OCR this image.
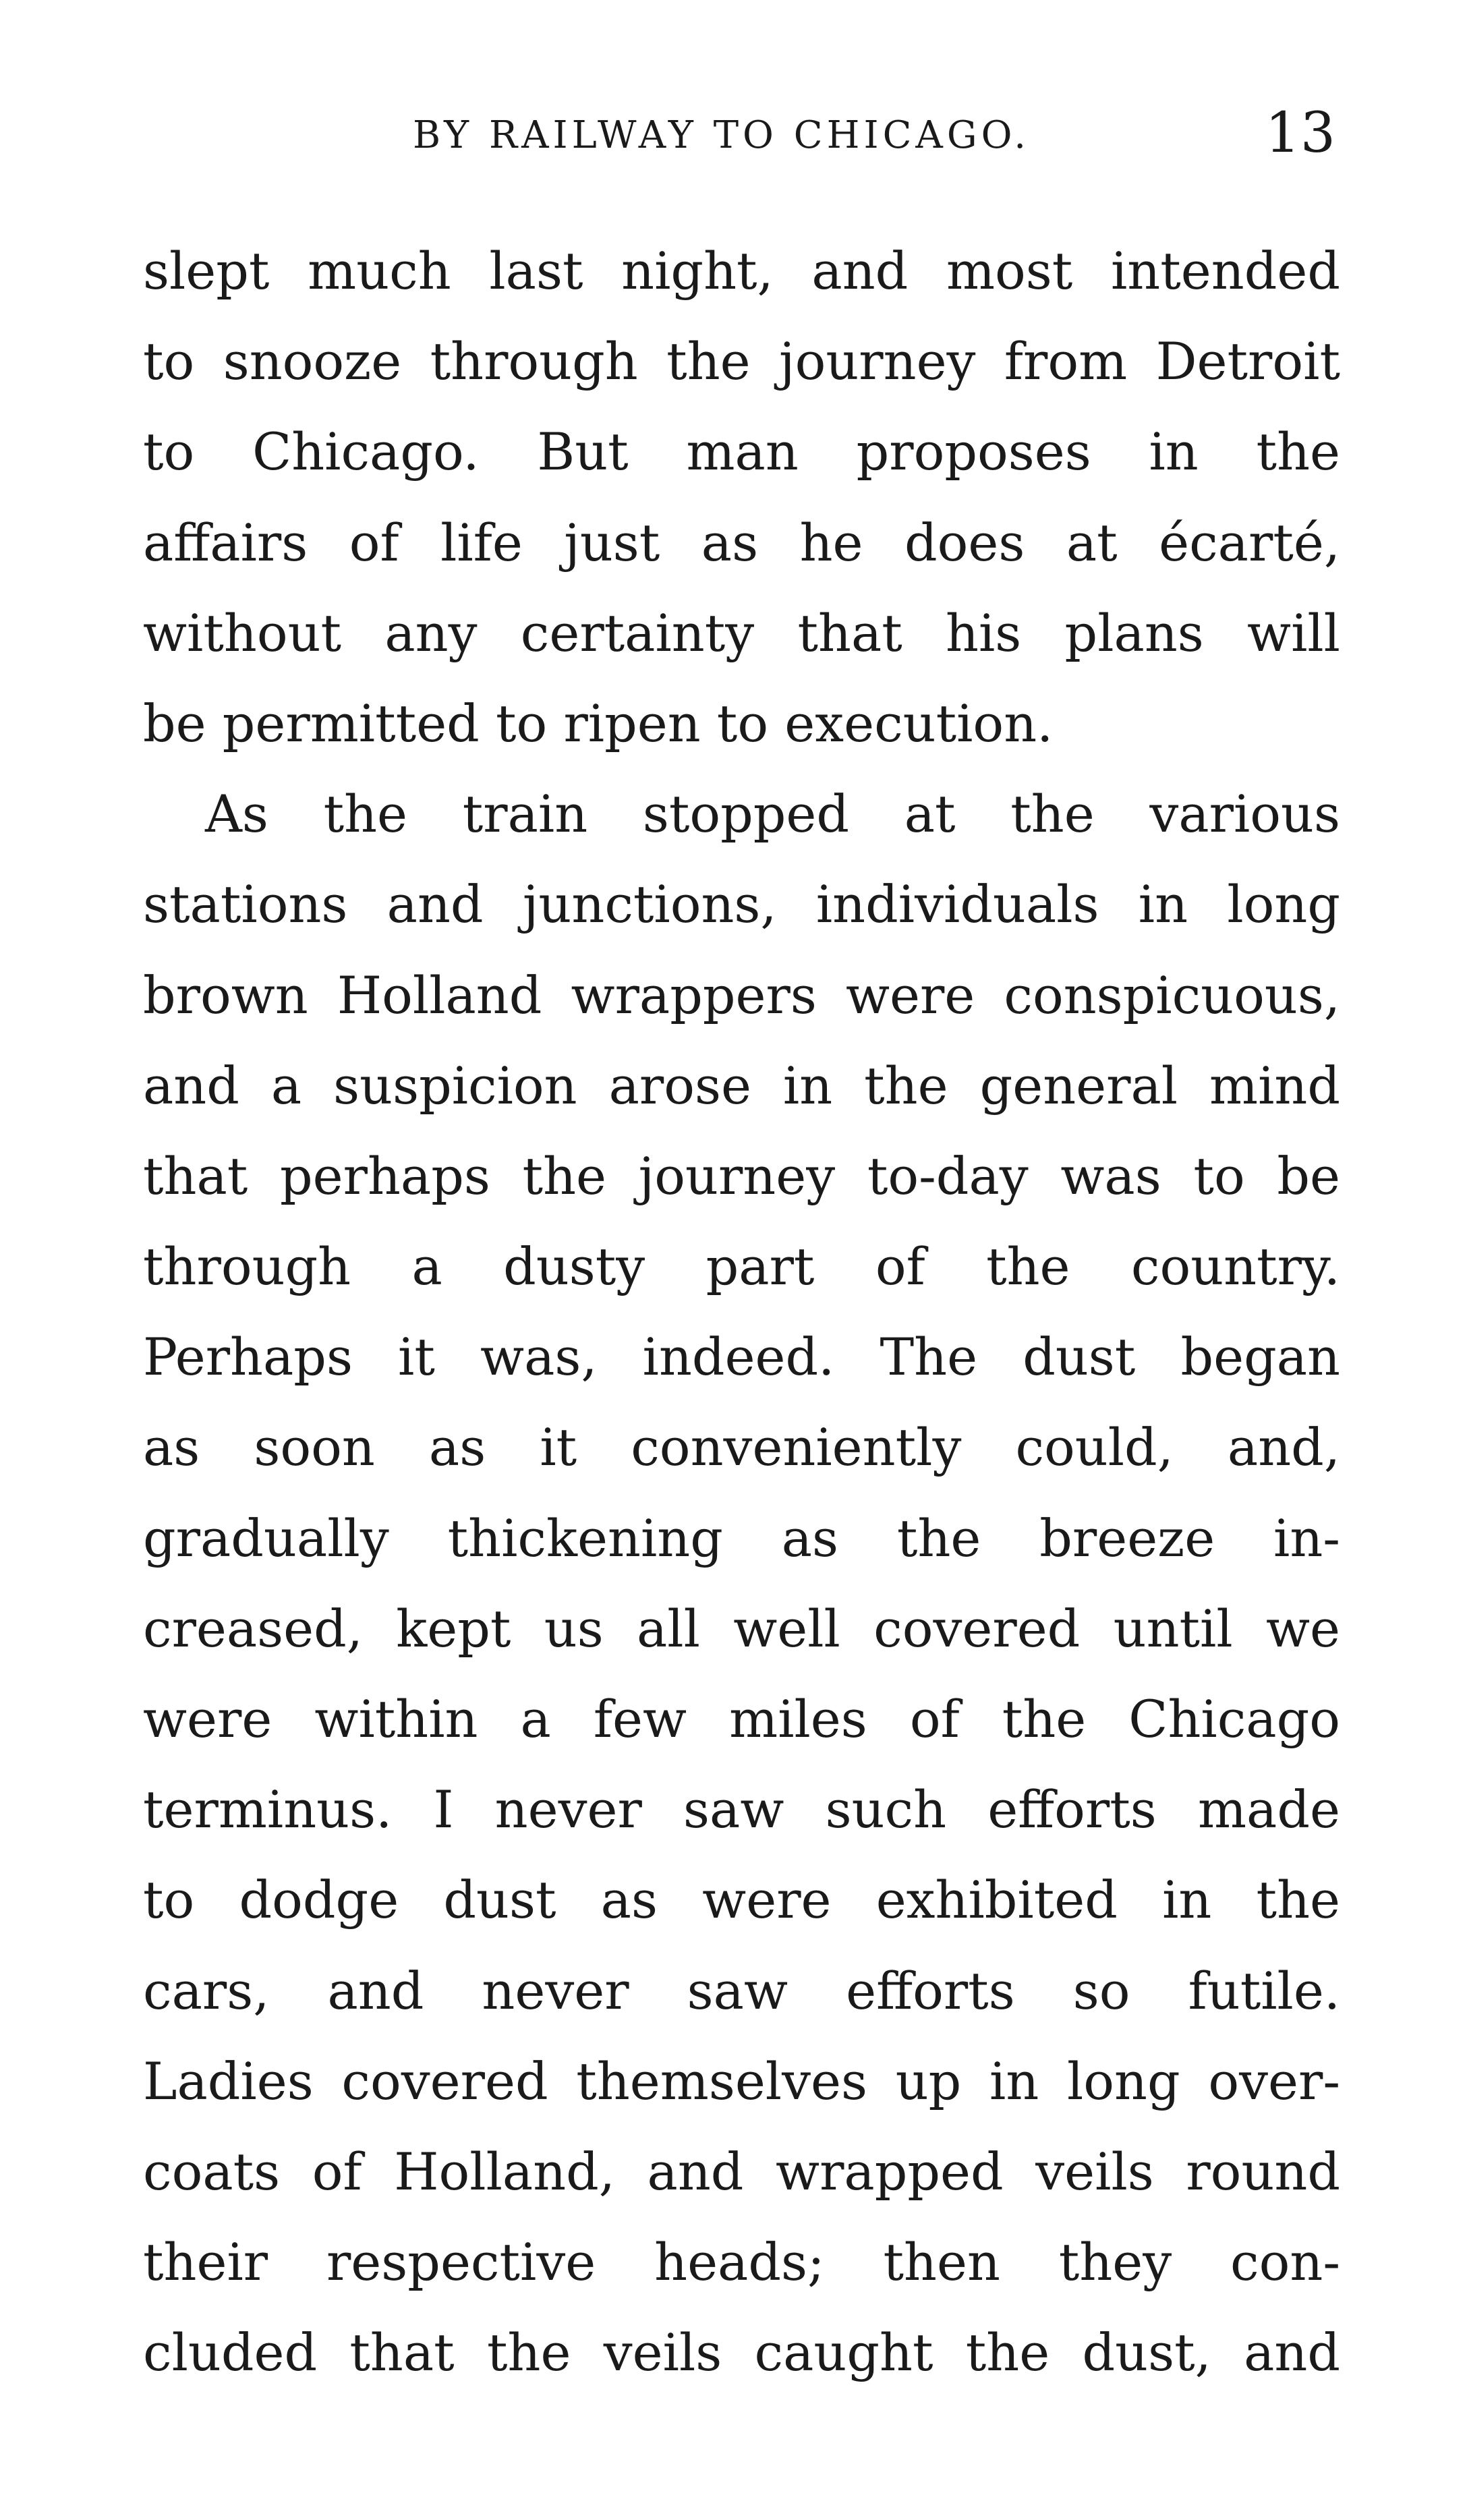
BY RAILWAY TO CHICAGO.	13
slept much last night, and most intended
to snooze through the journey from Detroit
to Chicago. But man proposes in the
affairs of life just as he does at écarté,
without any certainty that his plans will
be permitted to ripen to execution.
As the train stopped at the various
stations and junctions, individuals in long
brown Holland wrappers were conspicuous,
and a suspicion arose in the general mind
that perhaps the journey to-day was to be
through a dusty part of the country.
Perhaps it was, indeed. The dust began
as soon as it conveniently could, and,
gradually thickening as the breeze in-
creased, kept us all well covered until we
were within a few miles of the Chicago
terminus. I never saw such efforts made
to dodge dust as were exhibited in the
cars, and never saw efforts so futile.
Ladies covered themselves up in long over-
coats of Holland, and wrapped veils round
their respective heads; then they con-
cluded that the veils caught the dust, and
